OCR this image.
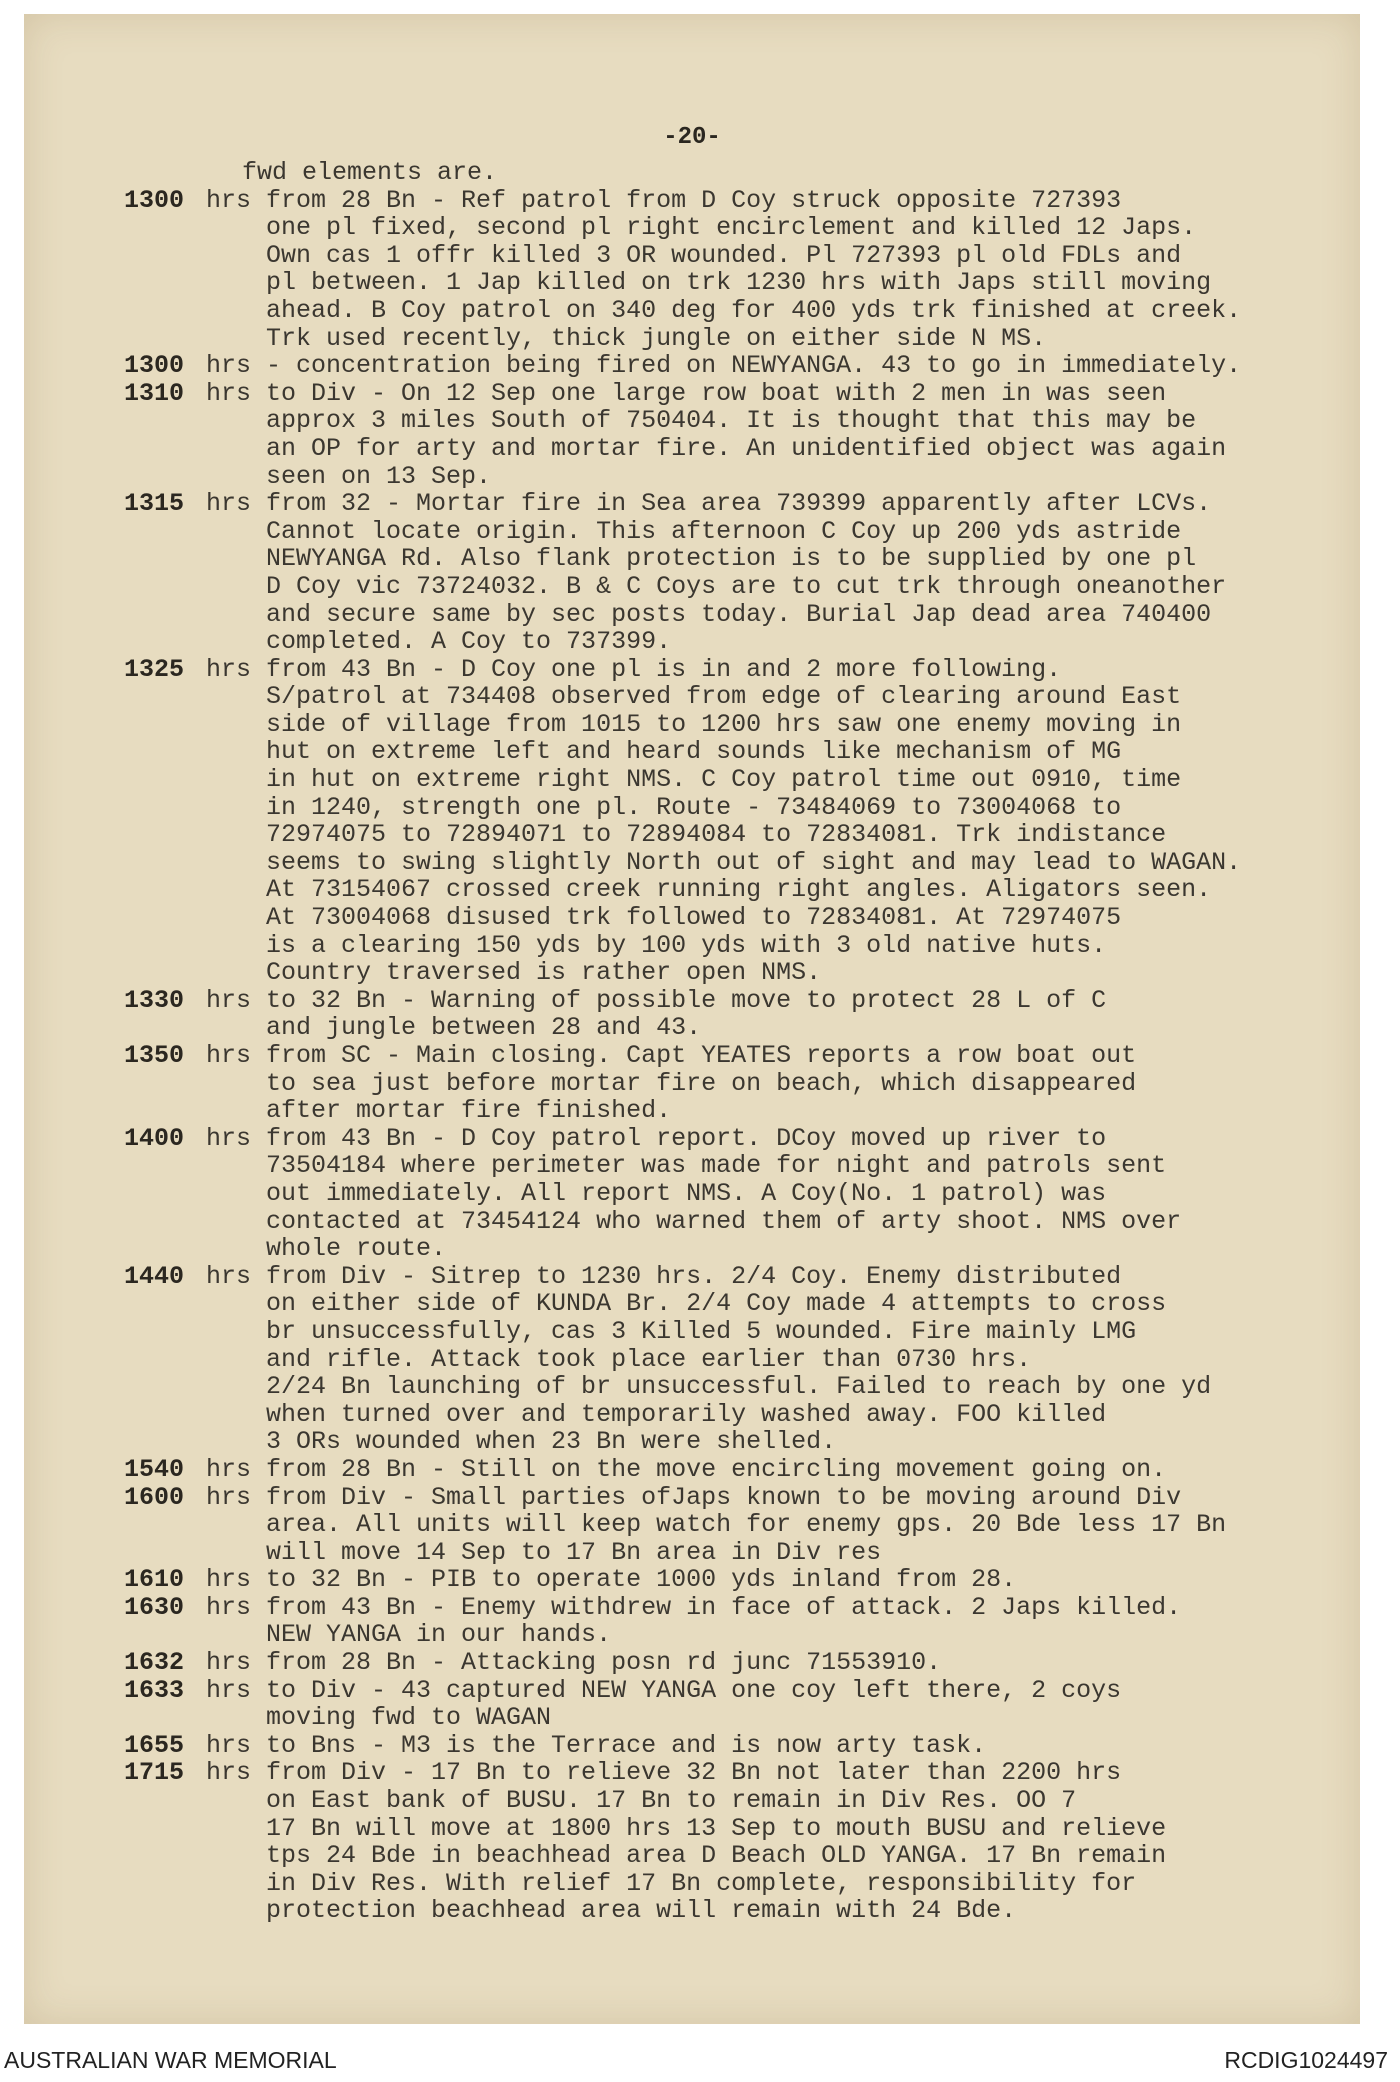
-20-
fwd elements are.
1300 hrs from 28 Bn - Ref patrol from D Coy struck opposite 727393
one pl fixed, second pl right encirclement and killed 12 Japs.
Own cas 1 offr killed 3 OR wounded. Pl 727393 pl old FDLs and
pl between. 1 Jap killed on trk 1230 hrs with Japs still moving
ahead. B Coy patrol on 340 deg for 400 yds trk finished at creek.
Trk used recently, thick jungle on either side N MS.
1300 hrs - concentration being fired on NEWYANGA. 43 to go in immediately.
1310 hrs to Div - On 12 Sep one large row boat with 2 men in was seen
approx 3 miles South of 750404. It is thought that this may be
an OP for arty and mortar fire. An unidentified object was again
seen on 13 Sep.
1315 hrs from 32 - Mortar fire in Sea area 739399 apparently after LCVs.
Cannot locate origin. This afternoon C Coy up 200 yds astride
NEWYANGA Rd. Also flank protection is to be supplied by one pl
D Coy vic 73724032. B & C Coys are to cut trk through oneanother
and secure same by sec posts today. Burial Jap dead area 740400
completed. A Coy to 737399.
1325 hrs from 43 Bn - D Coy one pl is in and 2 more following.
S/patrol at 734408 observed from edge of clearing around East
side of village from 1015 to 1200 hrs saw one enemy moving in
hut on extreme left and heard sounds like mechanism of MG
in hut on extreme right NMS. C Coy patrol time out 0910, time
in 1240, strength one pl. Route - 73484069 to 73004068 to
72974075 to 72894071 to 72894084 to 72834081. Trk indistance
seems to swing slightly North out of sight and may lead to WAGAN.
At 73154067 crossed creek running right angles. Aligators seen.
At 73004068 disused trk followed to 72834081. At 72974075
is a clearing 150 yds by 100 yds with 3 old native huts.
Country traversed is rather open NMS.
1330 hrs to 32 Bn - Warning of possible move to protect 28 L of C
and jungle between 28 and 43.
1350 hrs from SC - Main closing. Capt YEATES reports a row boat out
to sea just before mortar fire on beach, which disappeared
after mortar fire finished.
1400 hrs from 43 Bn - D Coy patrol report. DCoy moved up river to
73504184 where perimeter was made for night and patrols sent
out immediately. All report NMS. A Coy(No. 1 patrol) was
contacted at 73454124 who warned them of arty shoot. NMS over
whole route.
1440 hrs from Div - Sitrep to 1230 hrs. 2/4 Coy. Enemy distributed
on either side of KUNDA Br. 2/4 Coy made 4 attempts to cross
br unsuccessfully, cas 3 Killed 5 wounded. Fire mainly LMG
and rifle. Attack took place earlier than 0730 hrs.
2/24 Bn launching of br unsuccessful. Failed to reach by one yd
when turned over and temporarily washed away. FOO killed
3 ORs wounded when 23 Bn were shelled.
1540 hrs from 28 Bn - Still on the move encircling movement going on.
1600 hrs from Div - Small parties ofJaps known to be moving around Div
area. All units will keep watch for enemy gps. 20 Bde less 17 Bn
will move 14 Sep to 17 Bn area in Div res
1610 hrs to 32 Bn - PIB to operate 1000 yds inland from 28.
1630 hrs from 43 Bn - Enemy withdrew in face of attack. 2 Japs killed.
NEW YANGA in our hands.
1632 hrs from 28 Bn - Attacking posn rd junc 71553910.
1633 hrs to Div - 43 captured NEW YANGA one coy left there, 2 coys
moving fwd to WAGAN
1655 hrs to Bns - M3 is the Terrace and is now arty task.
1715 hrs from Div - 17 Bn to relieve 32 Bn not later than 2200 hrs
on East bank of BUSU. 17 Bn to remain in Div Res. OO 7
17 Bn will move at 1800 hrs 13 Sep to mouth BUSU and relieve
tps 24 Bde in beachhead area D Beach OLD YANGA. 17 Bn remain
in Div Res. With relief 17 Bn complete, responsibility for
protection beachhead area will remain with 24 Bde.
AUSTRALIAN WAR MEMORIAL	RCDIG1024497
